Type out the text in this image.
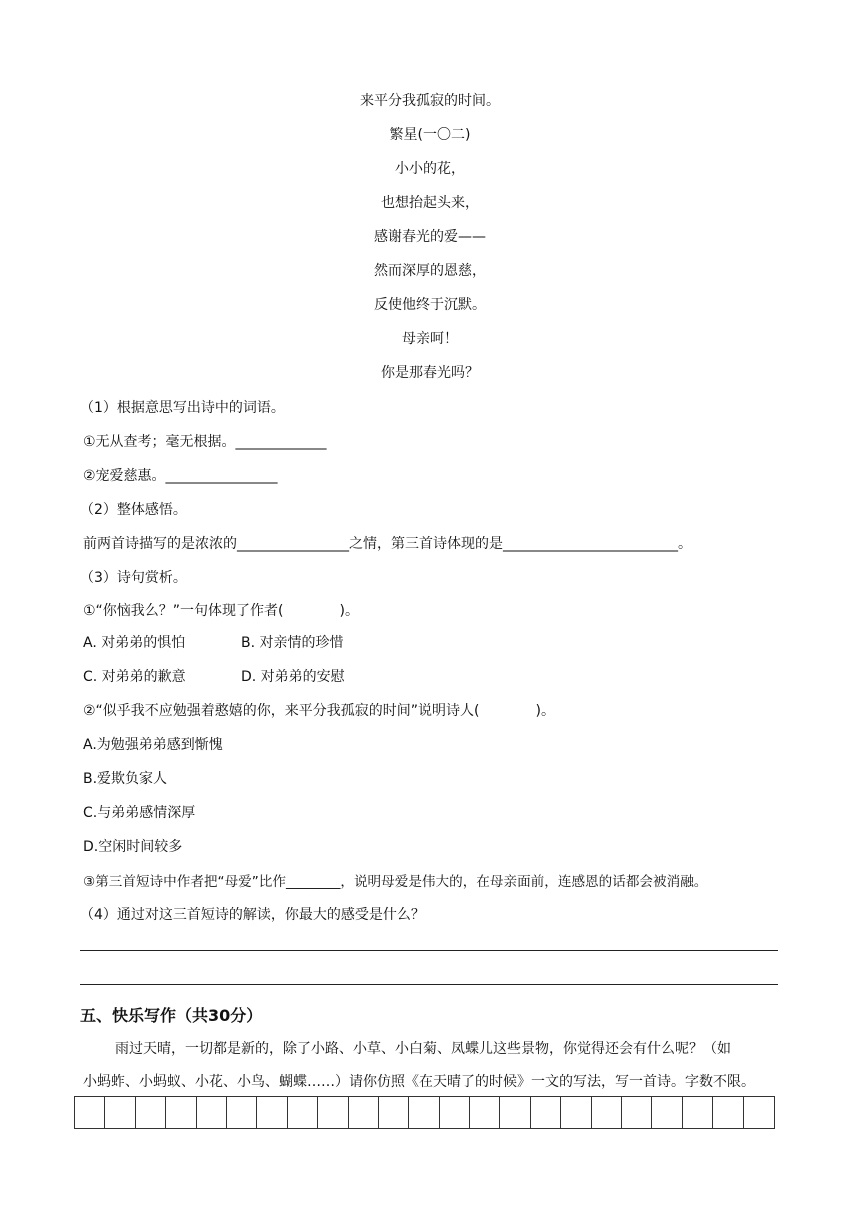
来平分我孤寂的时间。
繁星(一〇二)
小小的花，
也想抬起头来，
感谢春光的爱——
然而深厚的恩慈，
反使他终于沉默。
母亲呵！
你是那春光吗？
（1）根据意思写出诗中的词语。
①无从查考；毫无根据。_____________
②宠爱慈惠。________________
（2）整体感悟。
前两首诗描写的是浓浓的________________之情，第三首诗体现的是_________________________。
（3）诗句赏析。
①“你恼我么？”一句体现了作者(　　　　)。
A. 对弟弟的惧怕	B. 对亲情的珍惜
C. 对弟弟的歉意	D. 对弟弟的安慰
②“似乎我不应勉强着憨嬉的你，来平分我孤寂的时间”说明诗人(　　　　)。
A.为勉强弟弟感到惭愧
B.爱欺负家人
C.与弟弟感情深厚
D.空闲时间较多
③第三首短诗中作者把“母爱”比作________，说明母爱是伟大的，在母亲面前，连感恩的话都会被消融。
（4）通过对这三首短诗的解读，你最大的感受是什么？
五、快乐写作（共30分）
雨过天晴，一切都是新的，除了小路、小草、小白菊、凤蝶儿这些景物，你觉得还会有什么呢？（如
小蚂蚱、小蚂蚁、小花、小鸟、蝴蝶……）请你仿照《在天晴了的时候》一文的写法，写一首诗。字数不限。
